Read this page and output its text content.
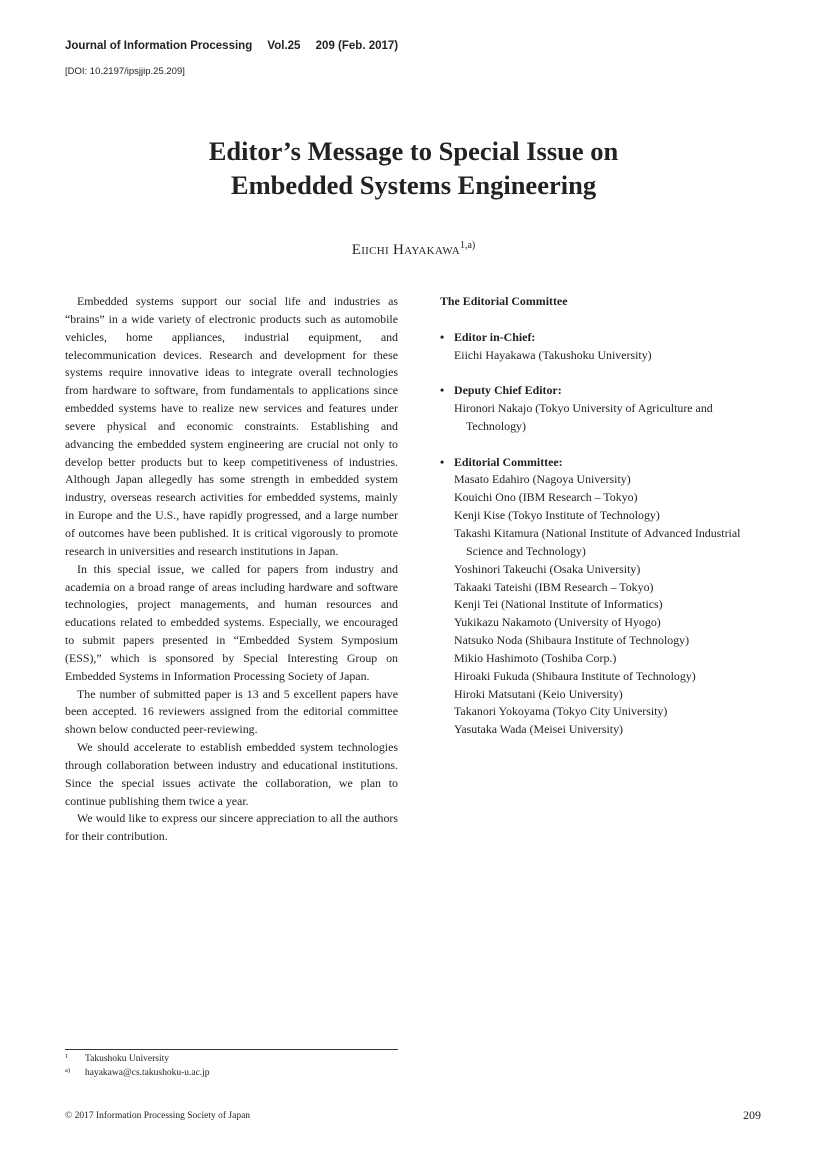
Journal of Information Processing Vol.25 209 (Feb. 2017)
[DOI: 10.2197/ipsjjip.25.209]
Editor’s Message to Special Issue on
Embedded Systems Engineering
Eiichi Hayakawa$^{1,a)}$

Embedded systems support our social life and industries as “brains” in a wide variety of electronic products such as automobile vehicles, home appliances, industrial equipment, and telecommunication devices. Research and development for these systems require innovative ideas to integrate overall technologies from hardware to software, from fundamentals to applications since embedded systems have to realize new services and features under severe physical and economic constraints. Establishing and advancing the embedded system engineering are crucial not only to develop better products but to keep competitiveness of industries. Although Japan allegedly has some strength in embedded system industry, overseas research activities for embedded systems, mainly in Europe and the U.S., have rapidly progressed, and a large number of outcomes have been published. It is critical vigorously to promote research in universities and research institutions in Japan.

In this special issue, we called for papers from industry and academia on a broad range of areas including hardware and software technologies, project managements, and human resources and educations related to embedded systems. Especially, we encouraged to submit papers presented in “Embedded System Symposium (ESS),” which is sponsored by Special Interesting Group on Embedded Systems in Information Processing Society of Japan.

The number of submitted paper is 13 and 5 excellent papers have been accepted. 16 reviewers assigned from the editorial committee shown below conducted peer-reviewing.

We should accelerate to establish embedded system technologies through collaboration between industry and educational institutions. Since the special issues activate the collaboration, we plan to continue publishing them twice a year.

We would like to express our sincere appreciation to all the authors for their contribution.

The Editorial Committee
• Editor in-Chief:
Eiichi Hayakawa (Takushoku University)
• Deputy Chief Editor:
Hironori Nakajo (Tokyo University of Agriculture and Technology)
• Editorial Committee:
Masato Edahiro (Nagoya University)
Kouichi Ono (IBM Research – Tokyo)
Kenji Kise (Tokyo Institute of Technology)
Takashi Kitamura (National Institute of Advanced Industrial Science and Technology)
Yoshinori Takeuchi (Osaka University)
Takaaki Tateishi (IBM Research – Tokyo)
Kenji Tei (National Institute of Informatics)
Yukikazu Nakamoto (University of Hyogo)
Natsuko Noda (Shibaura Institute of Technology)
Mikio Hashimoto (Toshiba Corp.)
Hiroaki Fukuda (Shibaura Institute of Technology)
Hiroki Matsutani (Keio University)
Takanori Yokoyama (Tokyo City University)
Yasutaka Wada (Meisei University)
1 Takushoku University
a) hayakawa@cs.takushoku-u.ac.jp
© 2017 Information Processing Society of Japan	209
